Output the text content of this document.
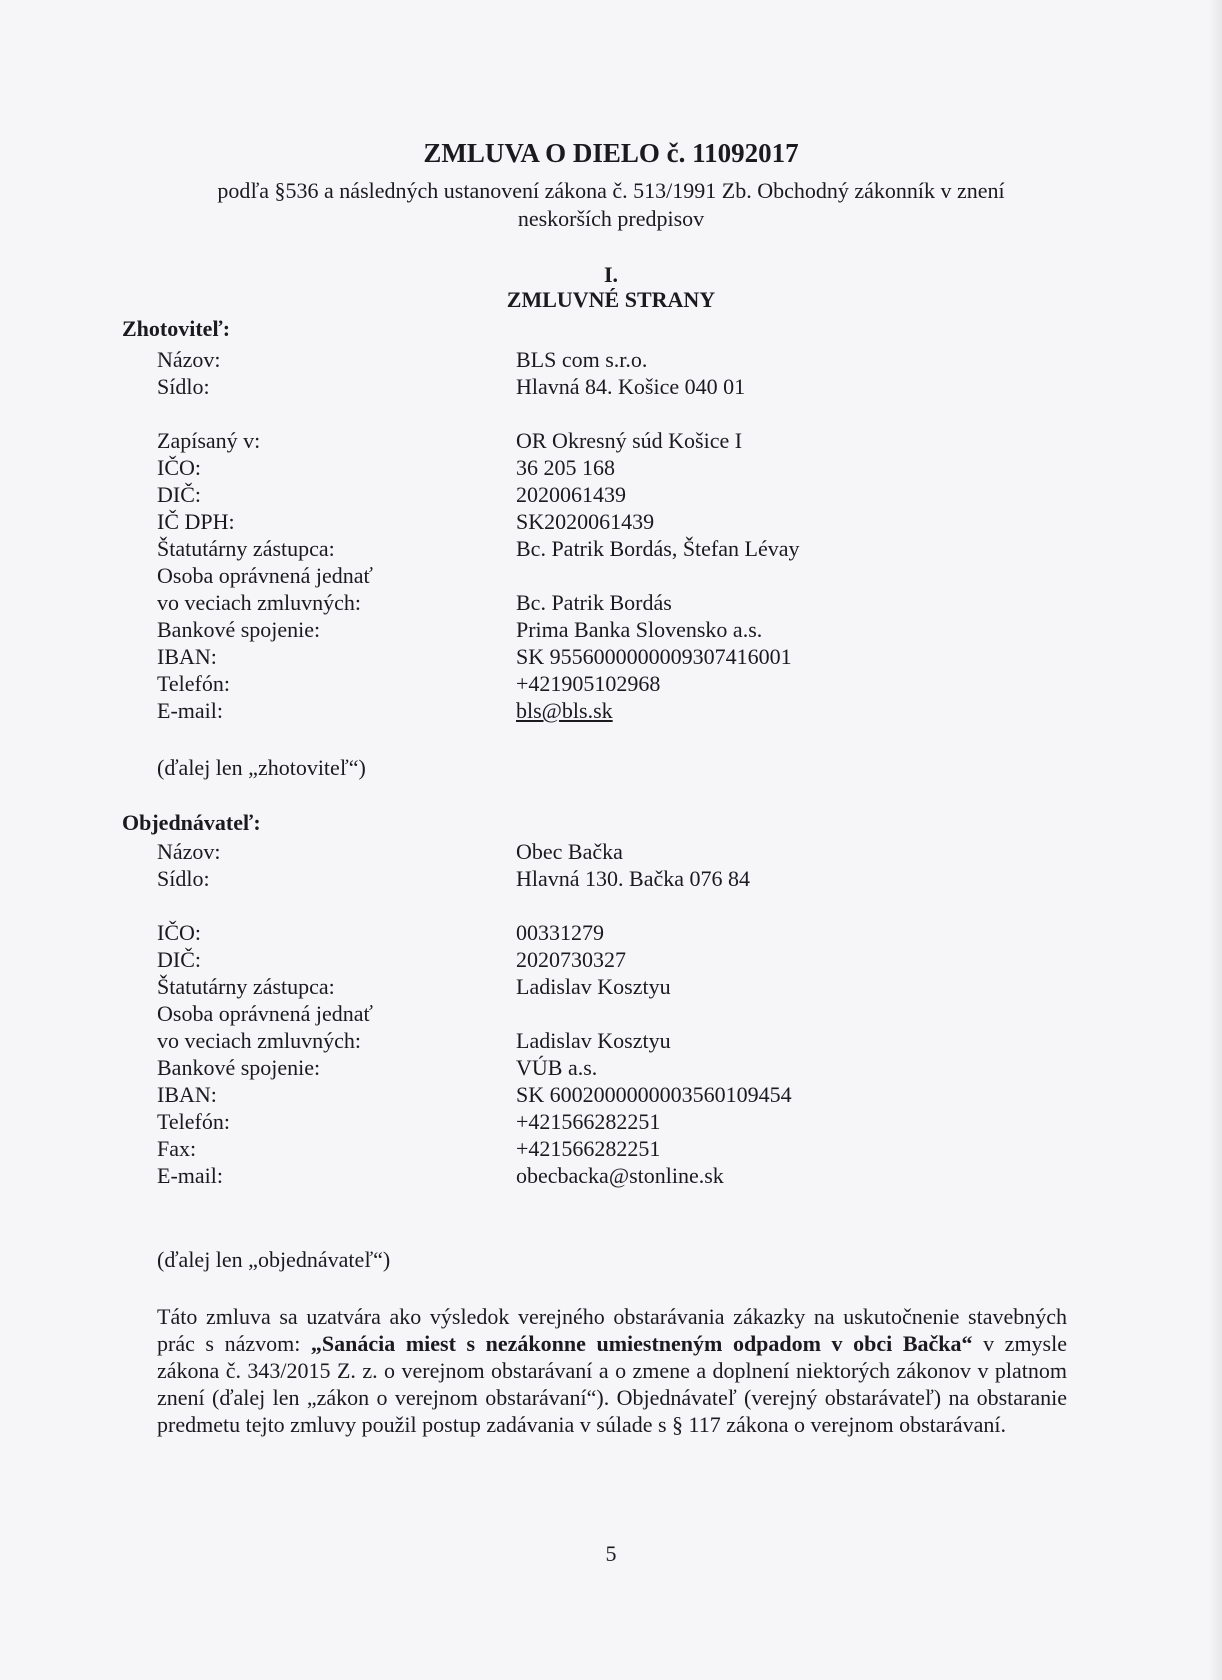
ZMLUVA O DIELO č. 11092017
podľa §536 a následných ustanovení zákona č. 513/1991 Zb. Obchodný zákonník v znení
neskorších predpisov
I.
ZMLUVNÉ STRANY
Zhotoviteľ:
Názov:	BLS com s.r.o.
Sídlo:	Hlavná 84. Košice 040 01
Zapísaný v:	OR Okresný súd Košice I
IČO:	36 205 168
DIČ:	2020061439
IČ DPH:	SK2020061439
Štatutárny zástupca:	Bc. Patrik Bordás, Štefan Lévay
Osoba oprávnená jednať
vo veciach zmluvných:	Bc. Patrik Bordás
Bankové spojenie:	Prima Banka Slovensko a.s.
IBAN:	SK 9556000000009307416001
Telefón:	+421905102968
E-mail:	bls@bls.sk
(ďalej len „zhotoviteľ“)
Objednávateľ:
Názov:	Obec Bačka
Sídlo:	Hlavná 130. Bačka 076 84
IČO:	00331279
DIČ:	2020730327
Štatutárny zástupca:	Ladislav Kosztyu
Osoba oprávnená jednať
vo veciach zmluvných:	Ladislav Kosztyu
Bankové spojenie:	VÚB a.s.
IBAN:	SK 6002000000003560109454
Telefón:	+421566282251
Fax:	+421566282251
E-mail:	obecbacka@stonline.sk
(ďalej len „objednávateľ“)
Táto zmluva sa uzatvára ako výsledok verejného obstarávania zákazky na uskutočnenie stavebných prác s názvom: „Sanácia miest s nezákonne umiestneným odpadom v obci Bačka“ v zmysle zákona č. 343/2015 Z. z. o verejnom obstarávaní a o zmene a doplnení niektorých zákonov v platnom znení (ďalej len „zákon o verejnom obstarávaní“). Objednávateľ (verejný obstarávateľ) na obstaranie predmetu tejto zmluvy použil postup zadávania v súlade s § 117 zákona o verejnom obstarávaní.
5
